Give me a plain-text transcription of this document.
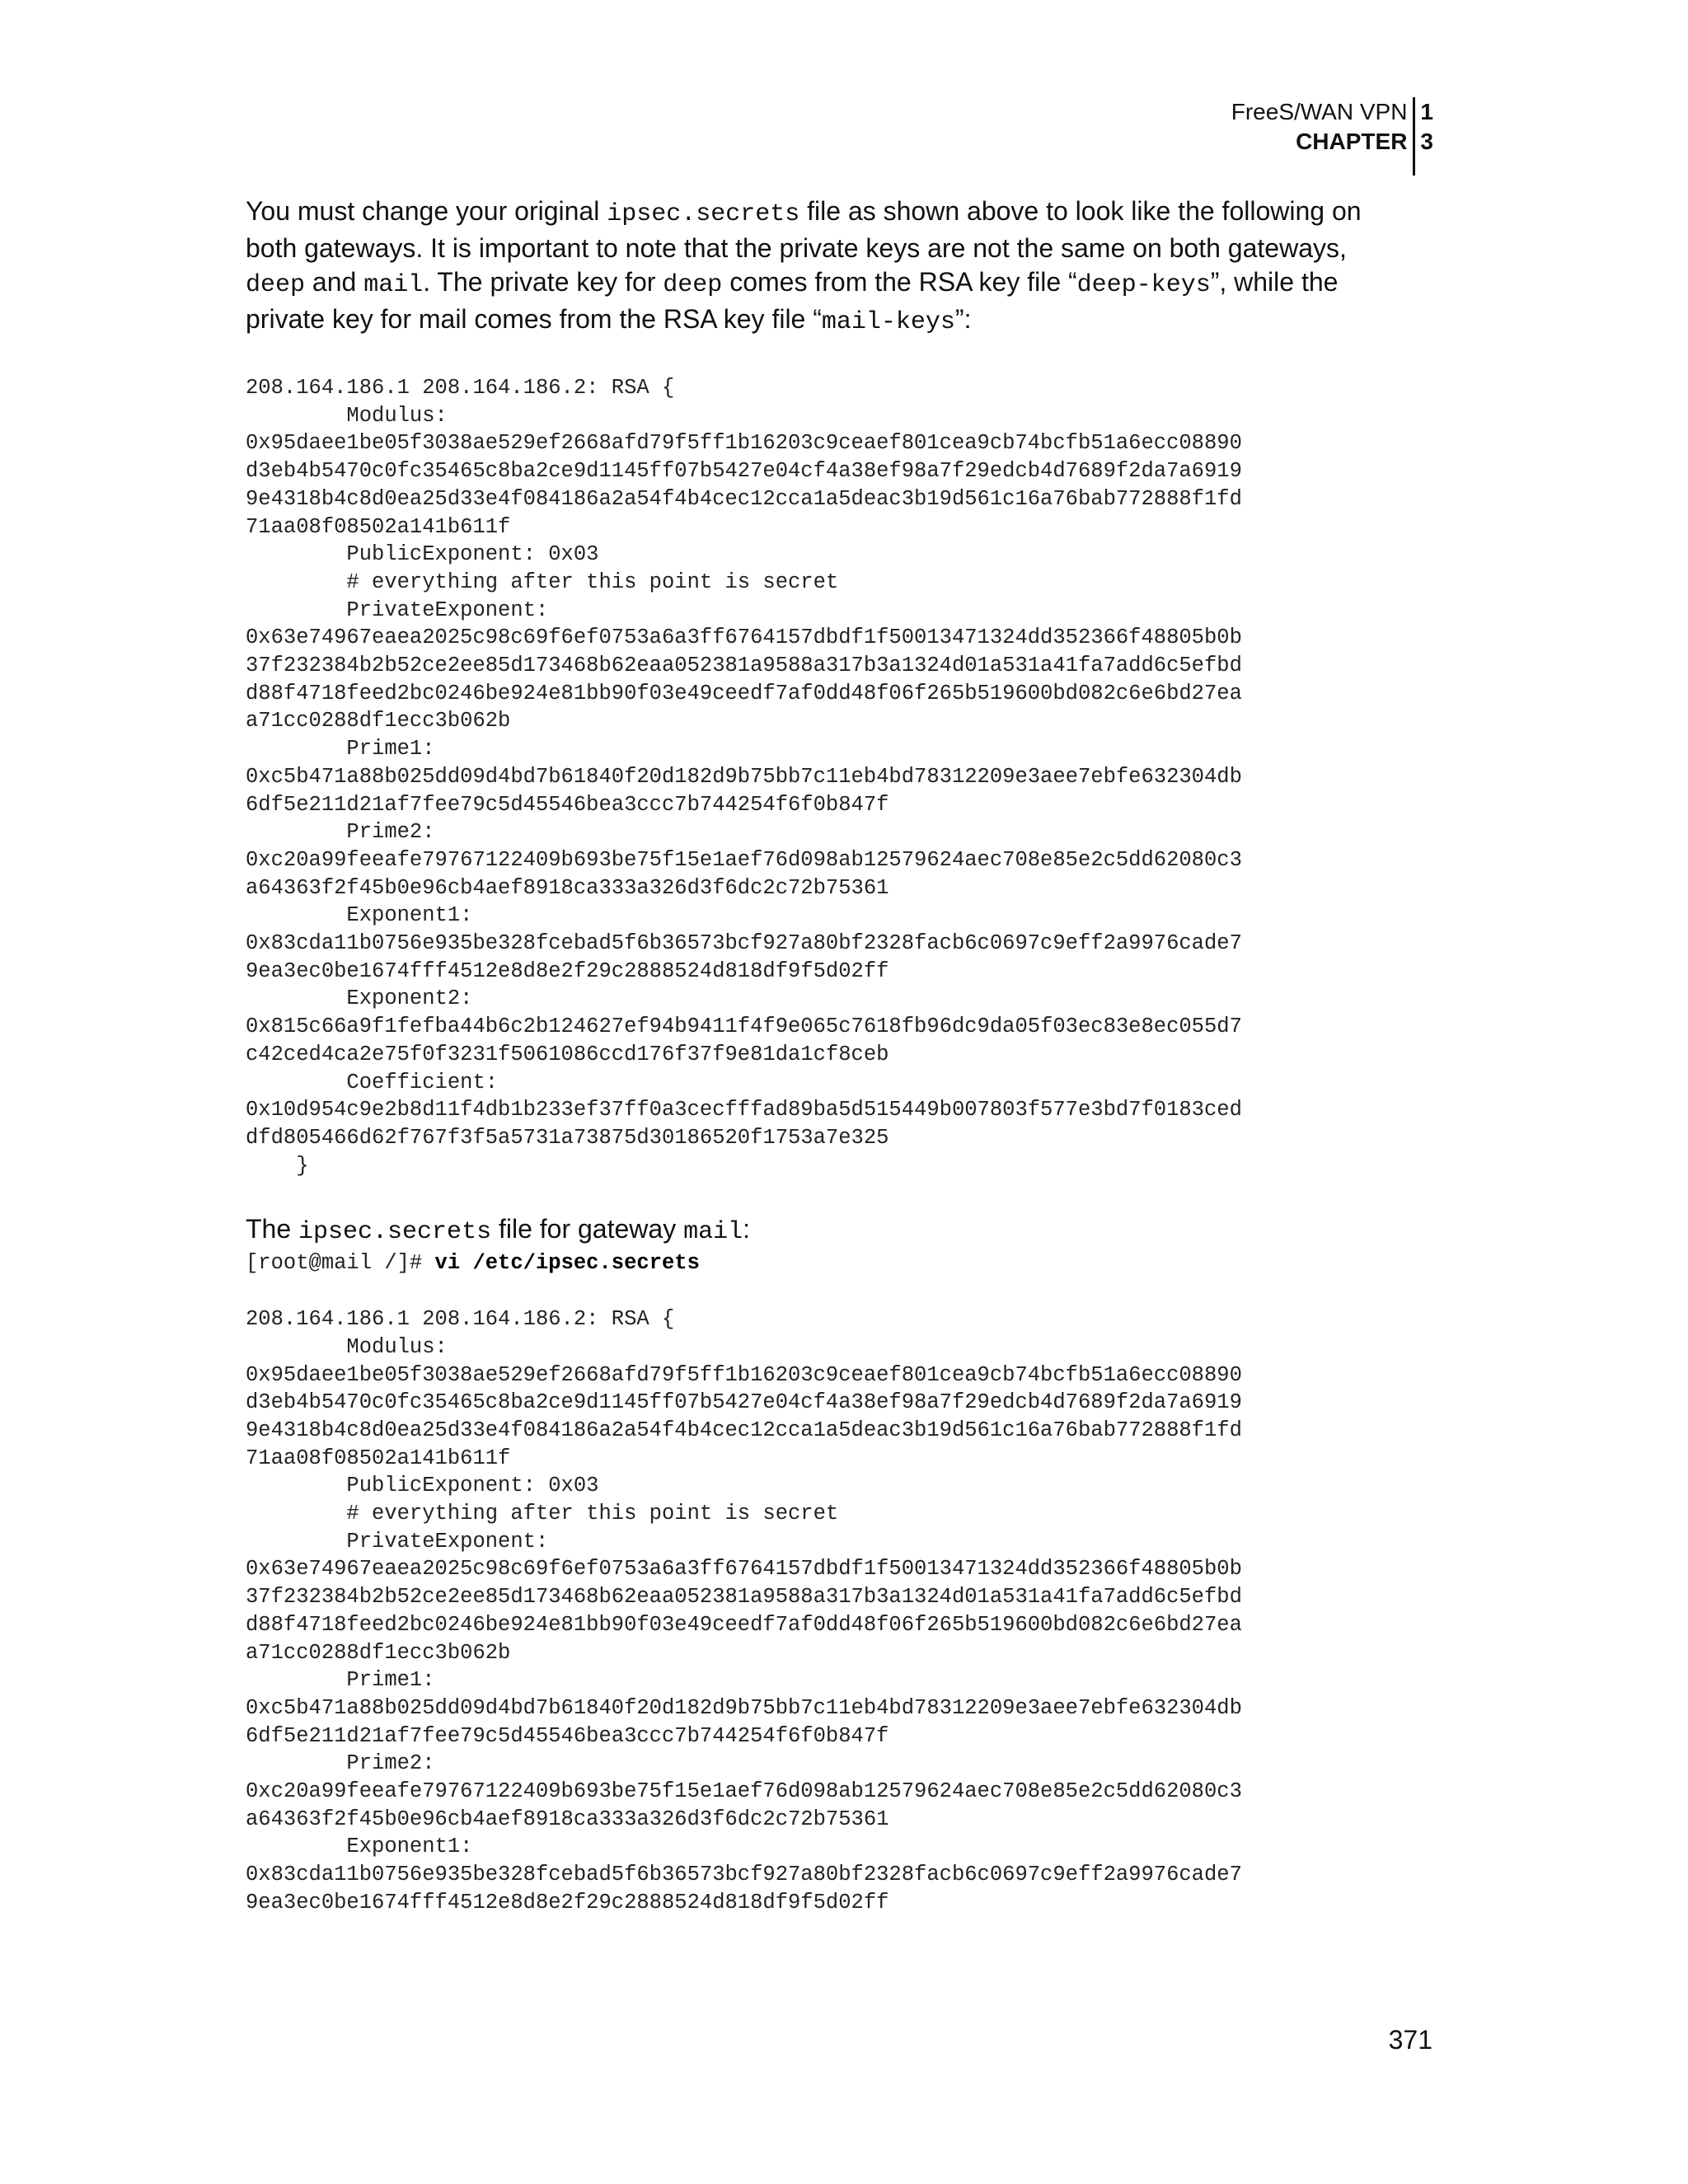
FreeS/WAN VPN
CHAPTER
1
3

You must change your original ipsec.secrets file as shown above to look like the following on
both gateways. It is important to note that the private keys are not the same on both gateways,
deep and mail. The private key for deep comes from the RSA key file “deep-keys”, while the
private key for mail comes from the RSA key file “mail-keys”:

208.164.186.1 208.164.186.2: RSA {
Modulus:
0x95daee1be05f3038ae529ef2668afd79f5ff1b16203c9ceaef801cea9cb74bcfb51a6ecc08890
d3eb4b5470c0fc35465c8ba2ce9d1145ff07b5427e04cf4a38ef98a7f29edcb4d7689f2da7a6919
9e4318b4c8d0ea25d33e4f084186a2a54f4b4cec12cca1a5deac3b19d561c16a76bab772888f1fd
71aa08f08502a141b611f
PublicExponent: 0x03
# everything after this point is secret
PrivateExponent:
0x63e74967eaea2025c98c69f6ef0753a6a3ff6764157dbdf1f50013471324dd352366f48805b0b
37f232384b2b52ce2ee85d173468b62eaa052381a9588a317b3a1324d01a531a41fa7add6c5efbd
d88f4718feed2bc0246be924e81bb90f03e49ceedf7af0dd48f06f265b519600bd082c6e6bd27ea
a71cc0288df1ecc3b062b
Prime1:
0xc5b471a88b025dd09d4bd7b61840f20d182d9b75bb7c11eb4bd78312209e3aee7ebfe632304db
6df5e211d21af7fee79c5d45546bea3ccc7b744254f6f0b847f
Prime2:
0xc20a99feeafe79767122409b693be75f15e1aef76d098ab12579624aec708e85e2c5dd62080c3
a64363f2f45b0e96cb4aef8918ca333a326d3f6dc2c72b75361
Exponent1:
0x83cda11b0756e935be328fcebad5f6b36573bcf927a80bf2328facb6c0697c9eff2a9976cade7
9ea3ec0be1674fff4512e8d8e2f29c2888524d818df9f5d02ff
Exponent2:
0x815c66a9f1fefba44b6c2b124627ef94b9411f4f9e065c7618fb96dc9da05f03ec83e8ec055d7
c42ced4ca2e75f0f3231f5061086ccd176f37f9e81da1cf8ceb
Coefficient:
0x10d954c9e2b8d11f4db1b233ef37ff0a3cecfffad89ba5d515449b007803f577e3bd7f0183ced
dfd805466d62f767f3f5a5731a73875d30186520f1753a7e325
}

The ipsec.secrets file for gateway mail:

[root@mail /]# vi /etc/ipsec.secrets
208.164.186.1 208.164.186.2: RSA {
Modulus:
0x95daee1be05f3038ae529ef2668afd79f5ff1b16203c9ceaef801cea9cb74bcfb51a6ecc08890
d3eb4b5470c0fc35465c8ba2ce9d1145ff07b5427e04cf4a38ef98a7f29edcb4d7689f2da7a6919
9e4318b4c8d0ea25d33e4f084186a2a54f4b4cec12cca1a5deac3b19d561c16a76bab772888f1fd
71aa08f08502a141b611f
PublicExponent: 0x03
# everything after this point is secret
PrivateExponent:
0x63e74967eaea2025c98c69f6ef0753a6a3ff6764157dbdf1f50013471324dd352366f48805b0b
37f232384b2b52ce2ee85d173468b62eaa052381a9588a317b3a1324d01a531a41fa7add6c5efbd
d88f4718feed2bc0246be924e81bb90f03e49ceedf7af0dd48f06f265b519600bd082c6e6bd27ea
a71cc0288df1ecc3b062b
Prime1:
0xc5b471a88b025dd09d4bd7b61840f20d182d9b75bb7c11eb4bd78312209e3aee7ebfe632304db
6df5e211d21af7fee79c5d45546bea3ccc7b744254f6f0b847f
Prime2:
0xc20a99feeafe79767122409b693be75f15e1aef76d098ab12579624aec708e85e2c5dd62080c3
a64363f2f45b0e96cb4aef8918ca333a326d3f6dc2c72b75361
Exponent1:
0x83cda11b0756e935be328fcebad5f6b36573bcf927a80bf2328facb6c0697c9eff2a9976cade7
9ea3ec0be1674fff4512e8d8e2f29c2888524d818df9f5d02ff
371
